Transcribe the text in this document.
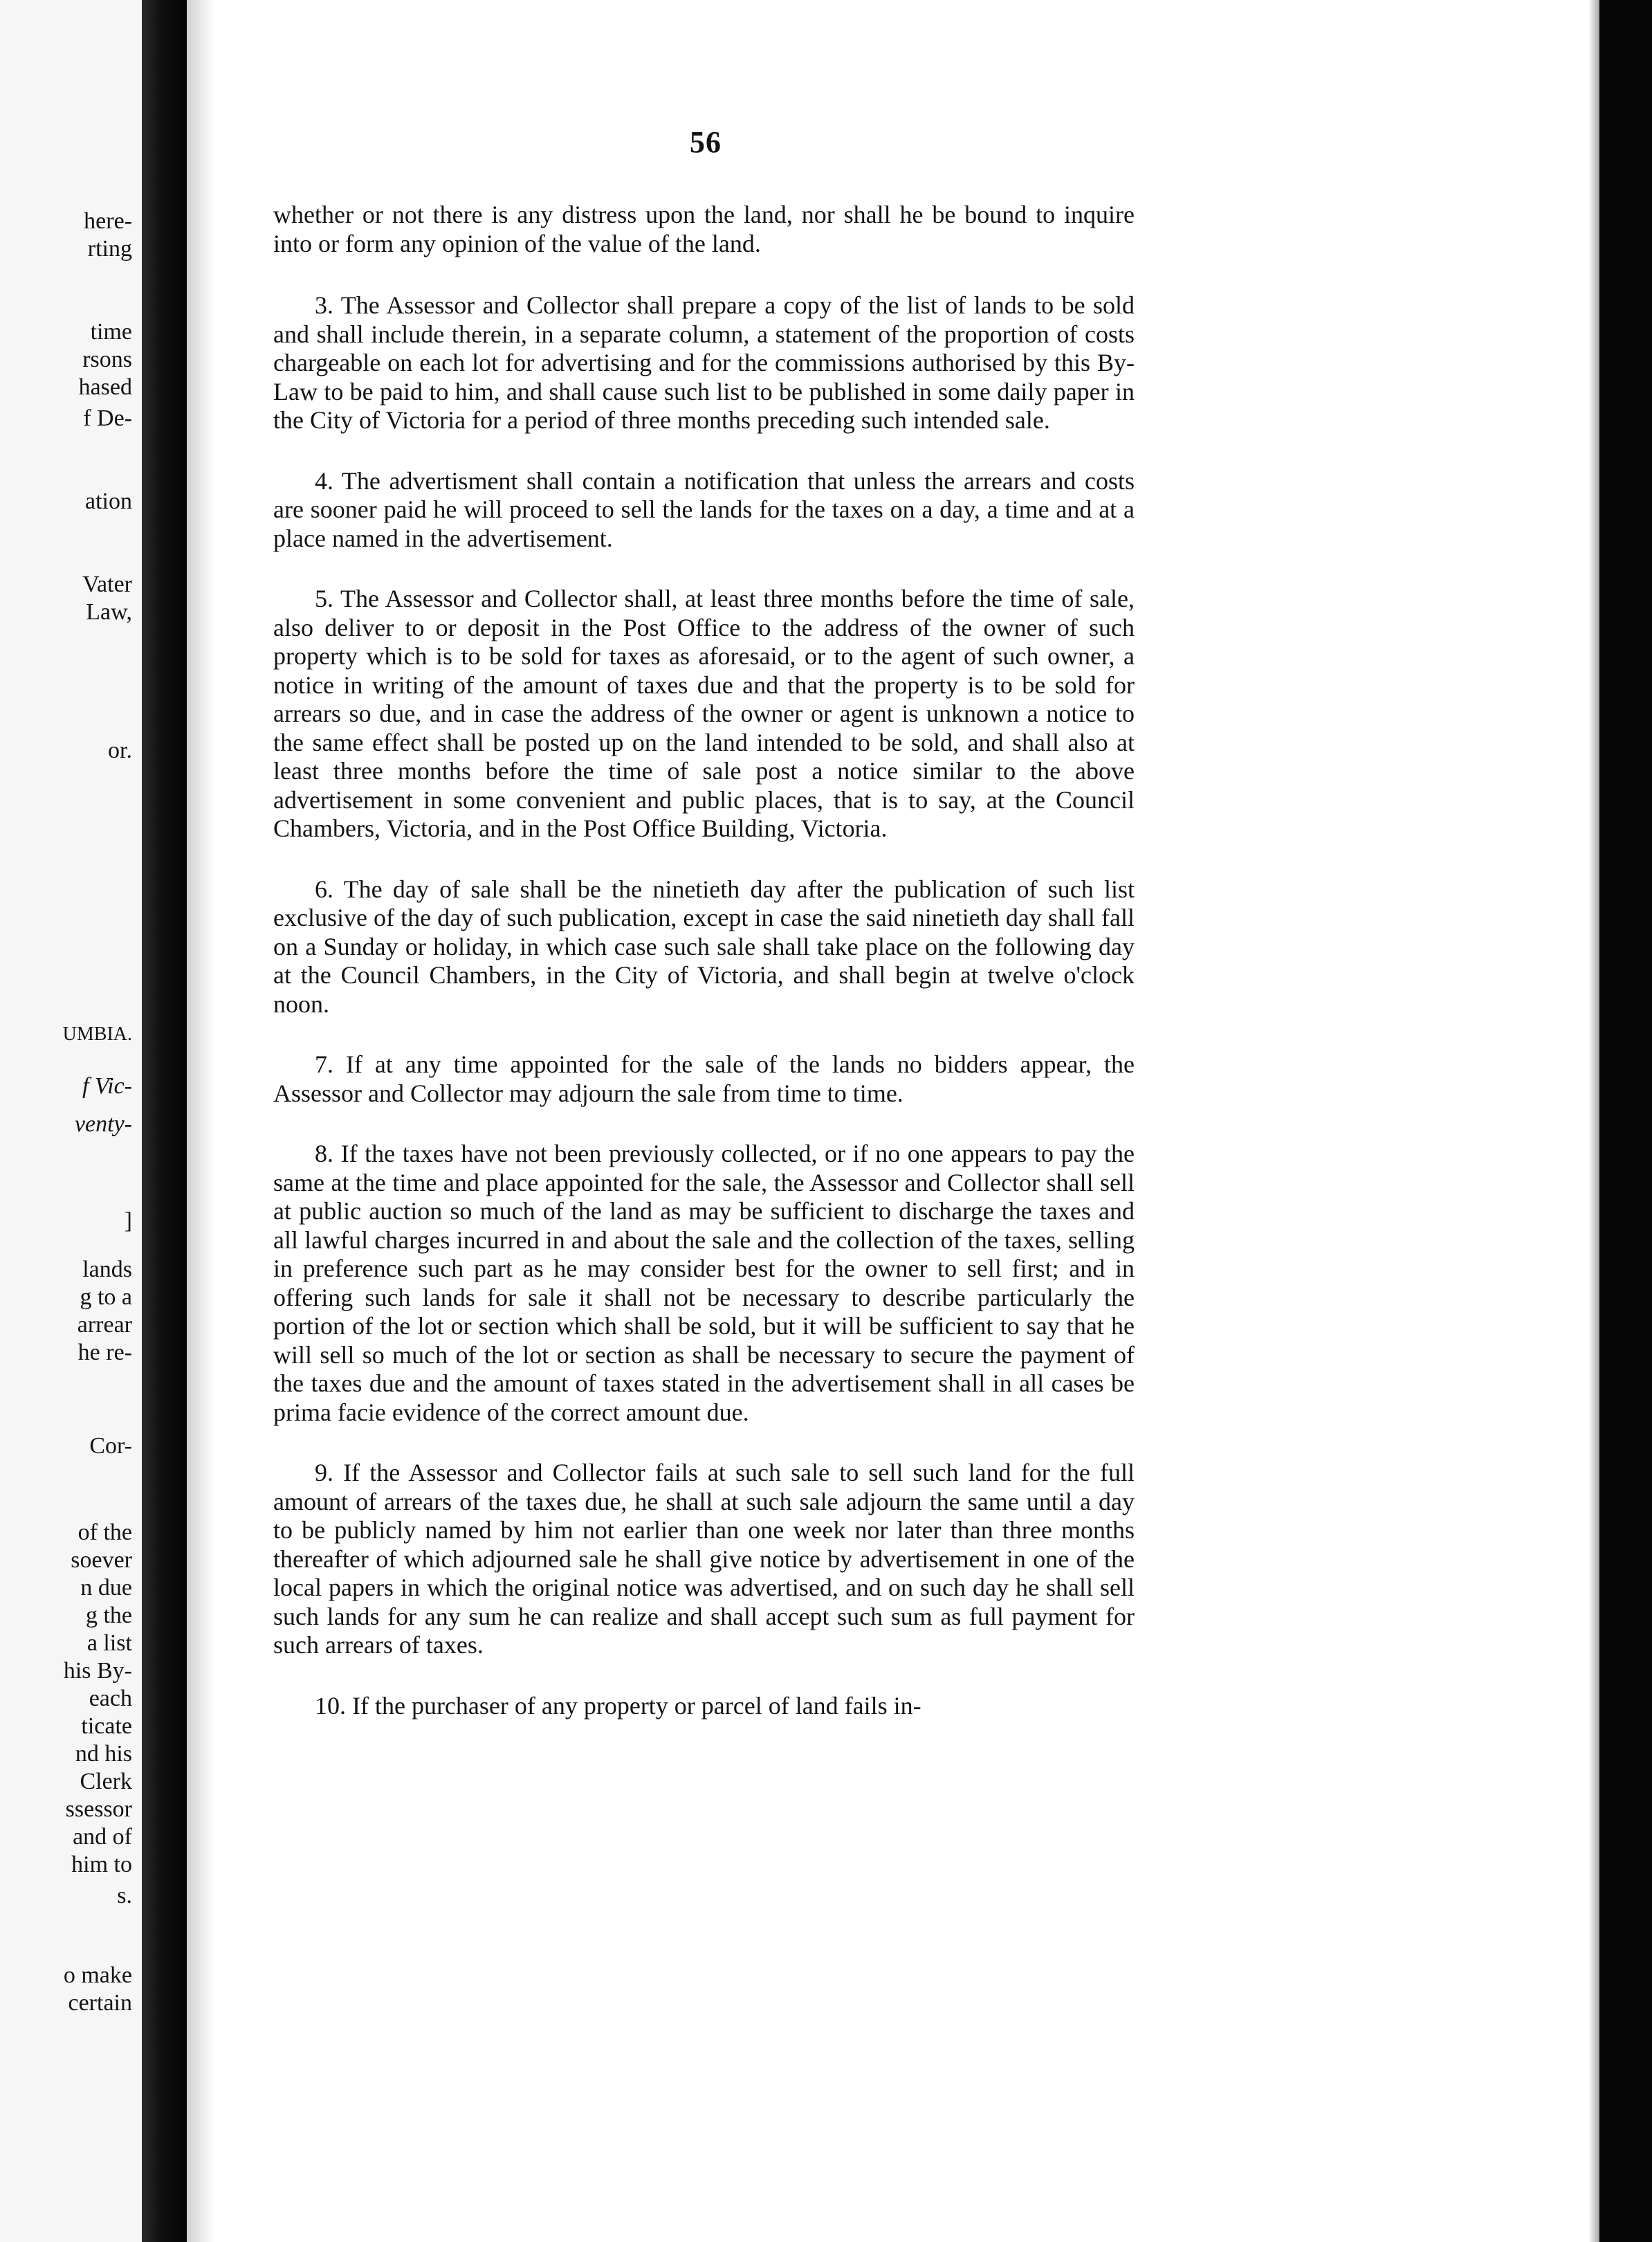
here-
rting
time
rsons
hased
f De-
ation
Vater
Law,
or.
UMBIA.
f Vic-
venty-
]
lands
g to a
arrear
he re-
Cor-
of the
soever
n due
g the
a list
his By-
each
ticate
nd his
Clerk
ssessor
and of
him to
s.
o make
certain
56

whether or not there is any distress upon the land, nor shall he be bound to inquire into or form any opinion of the value of the land.

3. The Assessor and Collector shall prepare a copy of the list of lands to be sold and shall include therein, in a separate column, a statement of the proportion of costs chargeable on each lot for advertising and for the commissions authorised by this By-Law to be paid to him, and shall cause such list to be published in some daily paper in the City of Victoria for a period of three months preceding such intended sale.

4. The advertisment shall contain a notification that unless the arrears and costs are sooner paid he will proceed to sell the lands for the taxes on a day, a time and at a place named in the advertisement.

5. The Assessor and Collector shall, at least three months before the time of sale, also deliver to or deposit in the Post Office to the address of the owner of such property which is to be sold for taxes as aforesaid, or to the agent of such owner, a notice in writing of the amount of taxes due and that the property is to be sold for arrears so due, and in case the address of the owner or agent is unknown a notice to the same effect shall be posted up on the land intended to be sold, and shall also at least three months before the time of sale post a notice similar to the above advertisement in some convenient and public places, that is to say, at the Council Chambers, Victoria, and in the Post Office Building, Victoria.

6. The day of sale shall be the ninetieth day after the publication of such list exclusive of the day of such publication, except in case the said ninetieth day shall fall on a Sunday or holiday, in which case such sale shall take place on the following day at the Council Chambers, in the City of Victoria, and shall begin at twelve o'clock noon.

7. If at any time appointed for the sale of the lands no bidders appear, the Assessor and Collector may adjourn the sale from time to time.

8. If the taxes have not been previously collected, or if no one appears to pay the same at the time and place appointed for the sale, the Assessor and Collector shall sell at public auction so much of the land as may be sufficient to discharge the taxes and all lawful charges incurred in and about the sale and the collection of the taxes, selling in preference such part as he may consider best for the owner to sell first; and in offering such lands for sale it shall not be necessary to describe particularly the portion of the lot or section which shall be sold, but it will be sufficient to say that he will sell so much of the lot or section as shall be necessary to secure the payment of the taxes due and the amount of taxes stated in the advertisement shall in all cases be prima facie evidence of the correct amount due.

9. If the Assessor and Collector fails at such sale to sell such land for the full amount of arrears of the taxes due, he shall at such sale adjourn the same until a day to be publicly named by him not earlier than one week nor later than three months thereafter of which adjourned sale he shall give notice by advertisement in one of the local papers in which the original notice was advertised, and on such day he shall sell such lands for any sum he can realize and shall accept such sum as full payment for such arrears of taxes.

10. If the purchaser of any property or parcel of land fails in-
